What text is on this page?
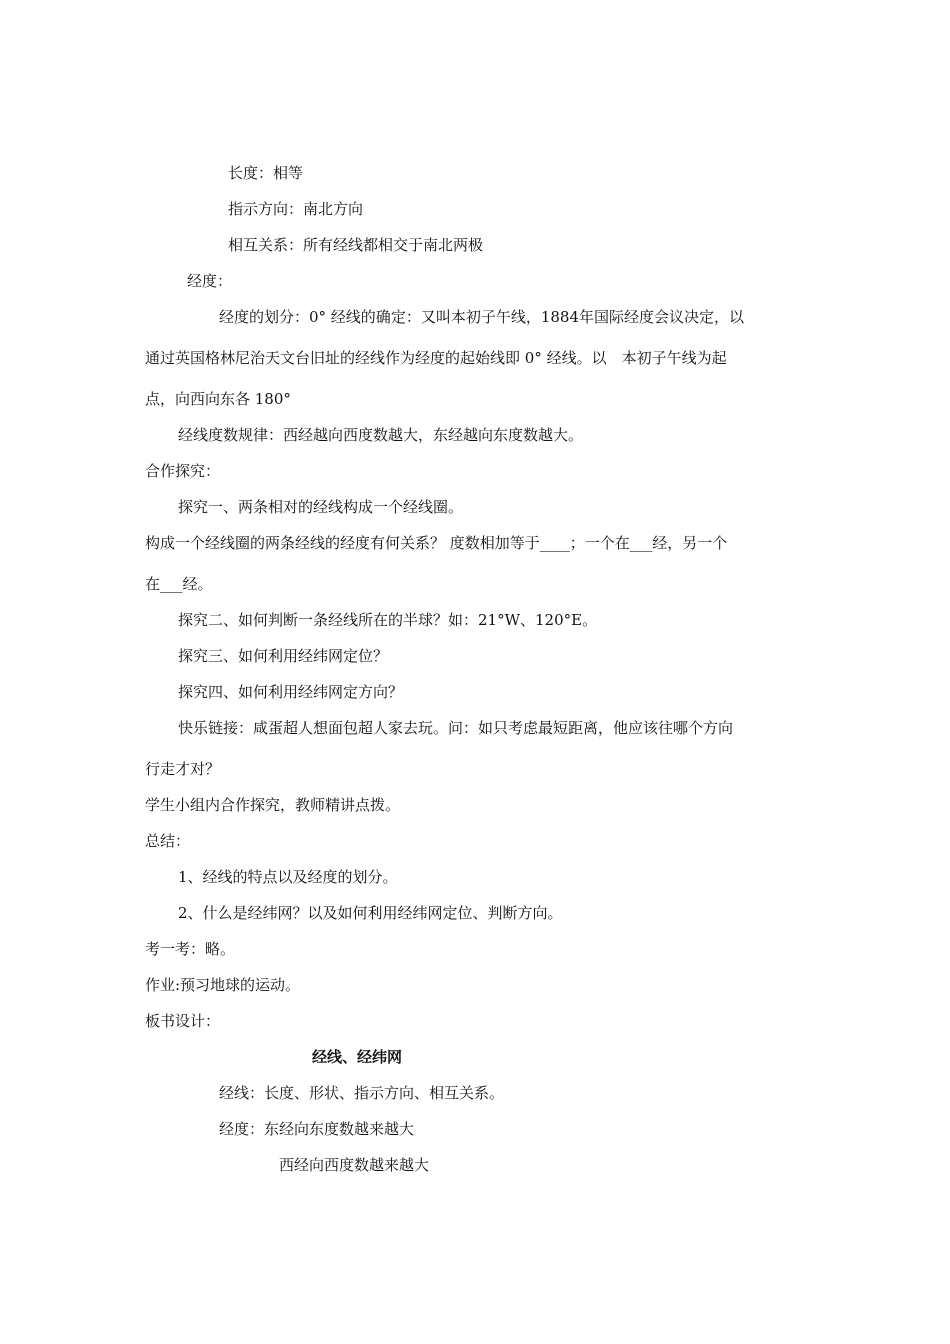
长度：相等

指示方向：南北方向

相互关系：所有经线都相交于南北两极

经度：

经度的划分：0° 经线的确定：又叫本初子午线，1884年国际经度会议决定，以

通过英国格林尼治天文台旧址的经线作为经度的起始线即 0° 经线。以　本初子午线为起

点，向西向东各 180°

经线度数规律：西经越向西度数越大，东经越向东度数越大。

合作探究：

探究一、两条相对的经线构成一个经线圈。

构成一个经线圈的两条经线的经度有何关系？ 度数相加等于____；一个在___经，另一个

在___经。

探究二、如何判断一条经线所在的半球？如：21°W、120°E。

探究三、如何利用经纬网定位？

探究四、如何利用经纬网定方向？

快乐链接：咸蛋超人想面包超人家去玩。问：如只考虑最短距离，他应该往哪个方向

行走才对？

学生小组内合作探究，教师精讲点拨。

总结：

1、经线的特点以及经度的划分。

2、什么是经纬网？以及如何利用经纬网定位、判断方向。

考一考：略。

作业:预习地球的运动。

板书设计：

经线、经纬网

经线：长度、形状、指示方向、相互关系。

经度：东经向东度数越来越大

西经向西度数越来越大
